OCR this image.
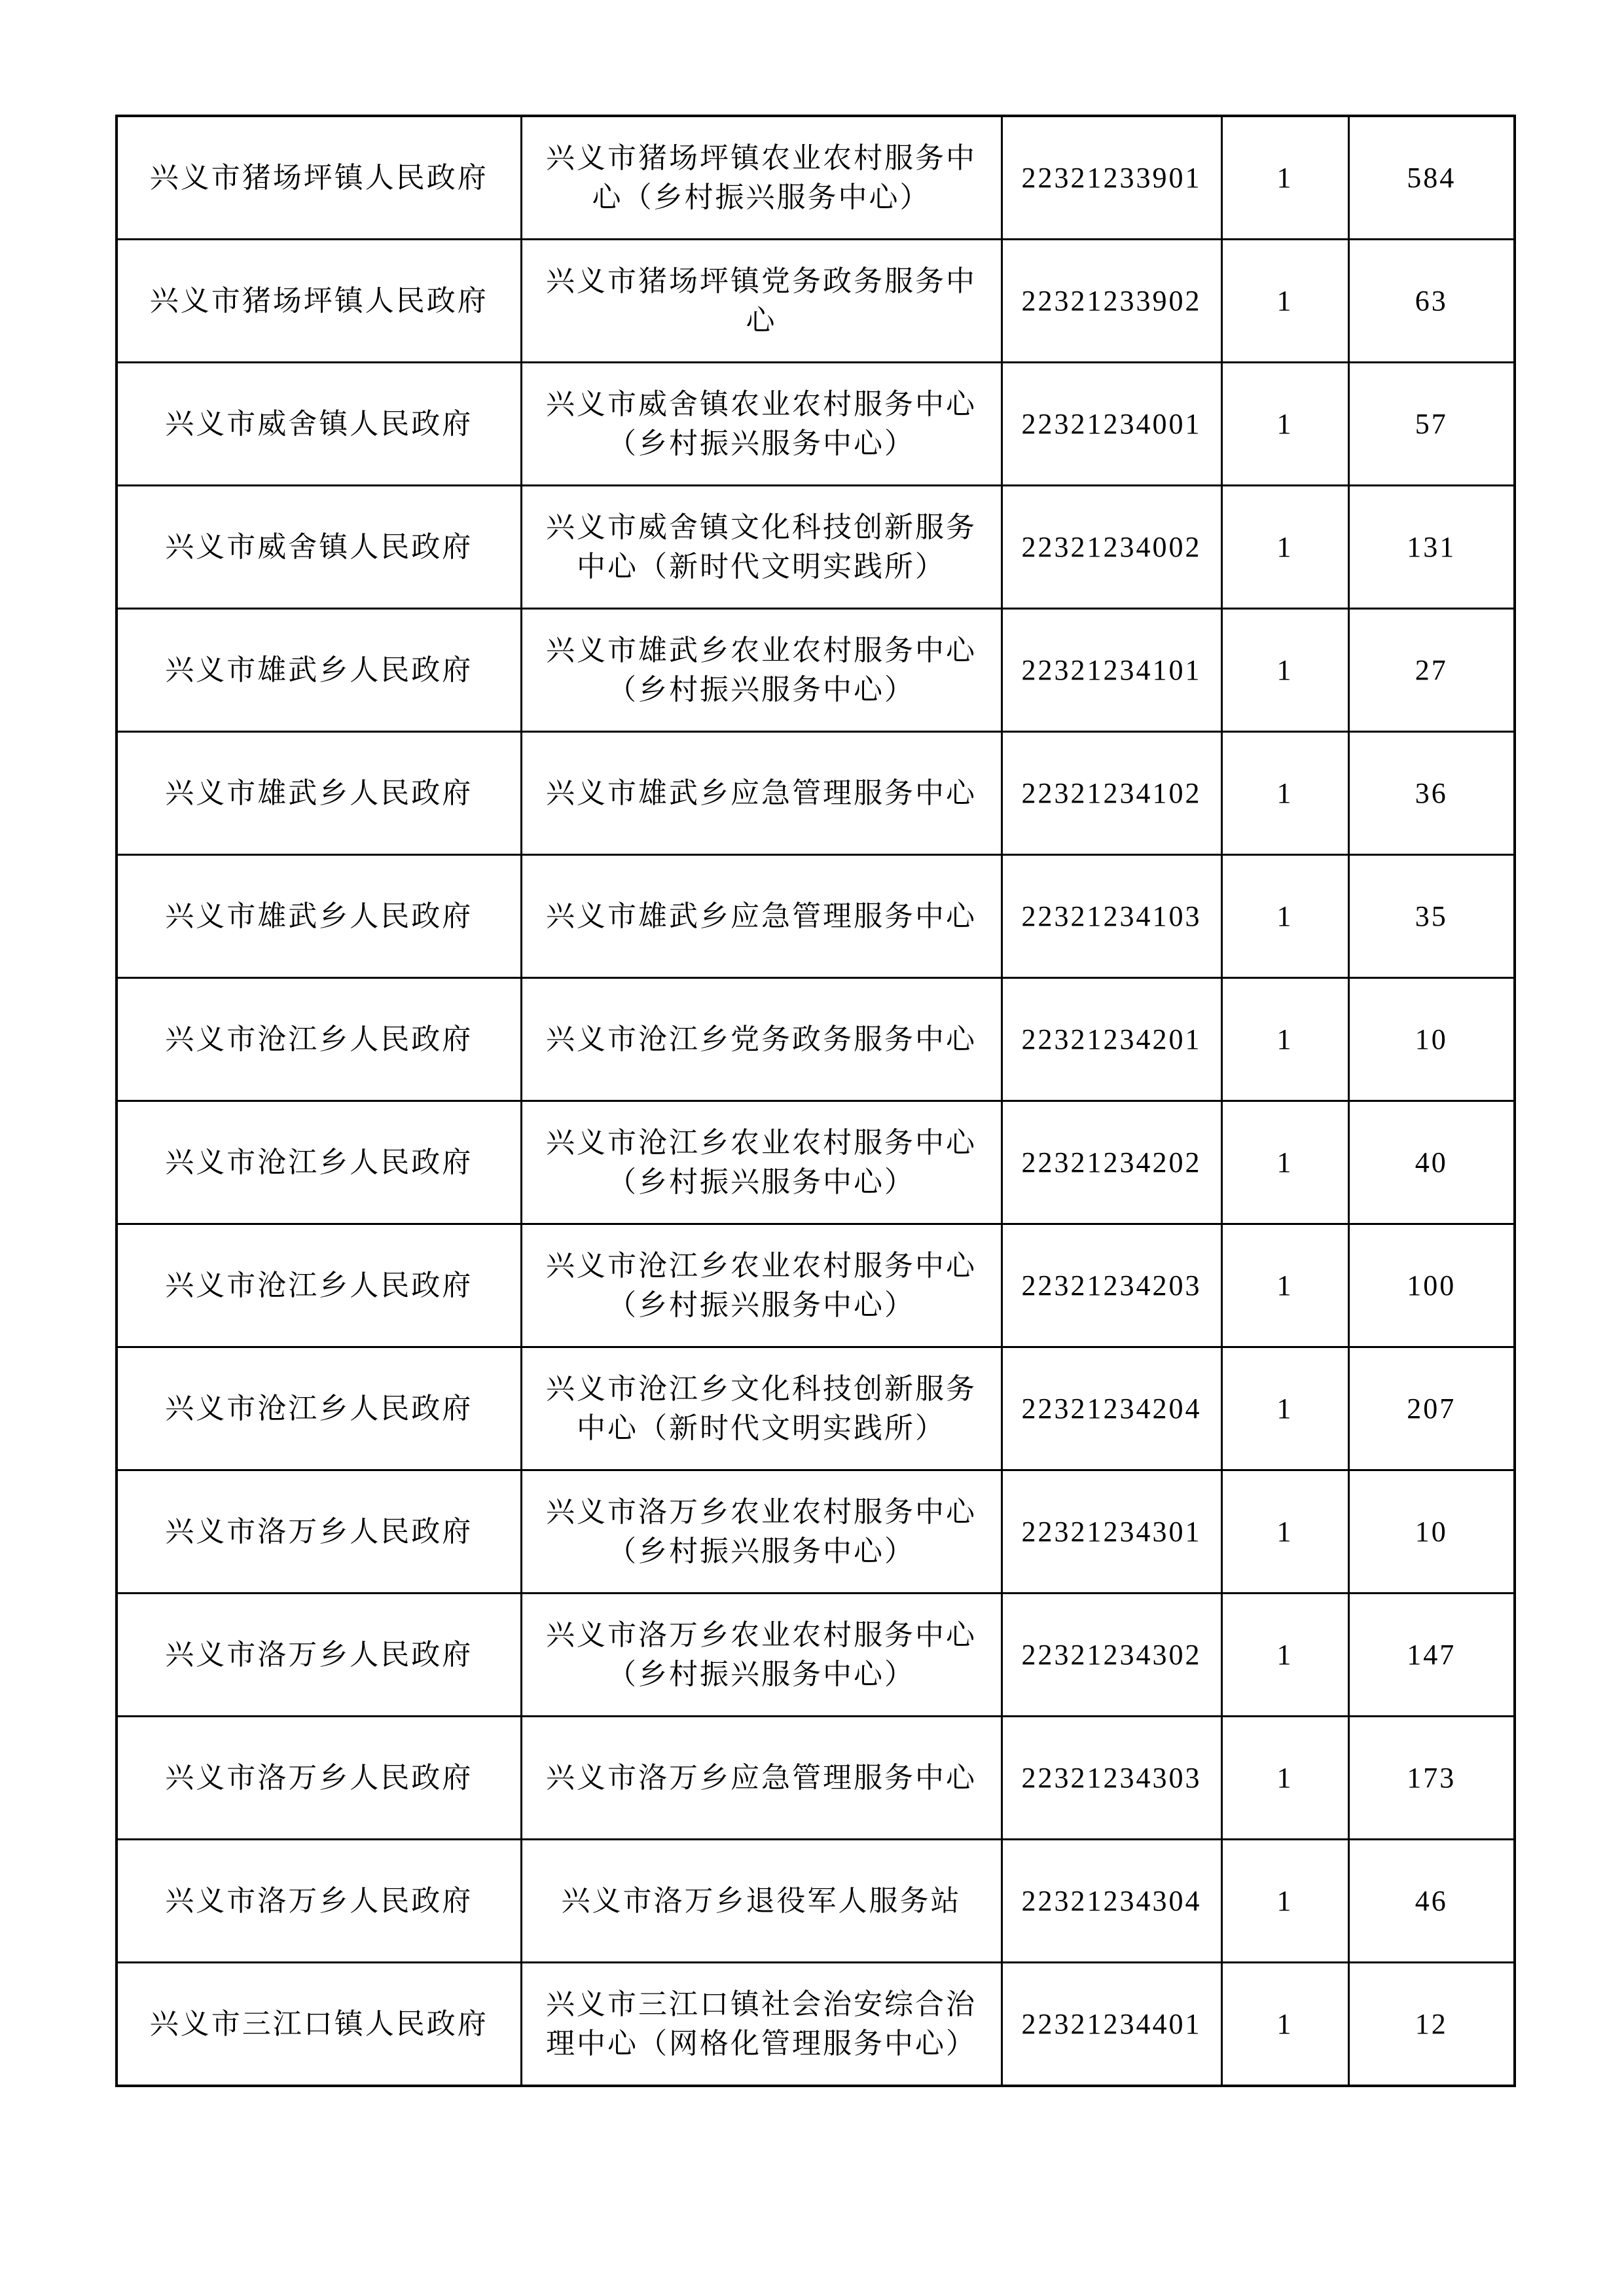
兴义市猪场坪镇人民政府	兴义市猪场坪镇农业农村服务中心（乡村振兴服务中心）	22321233901	1	584
兴义市猪场坪镇人民政府	兴义市猪场坪镇党务政务服务中心	22321233902	1	63
兴义市威舍镇人民政府	兴义市威舍镇农业农村服务中心（乡村振兴服务中心）	22321234001	1	57
兴义市威舍镇人民政府	兴义市威舍镇文化科技创新服务中心（新时代文明实践所）	22321234002	1	131
兴义市雄武乡人民政府	兴义市雄武乡农业农村服务中心（乡村振兴服务中心）	22321234101	1	27
兴义市雄武乡人民政府	兴义市雄武乡应急管理服务中心	22321234102	1	36
兴义市雄武乡人民政府	兴义市雄武乡应急管理服务中心	22321234103	1	35
兴义市沧江乡人民政府	兴义市沧江乡党务政务服务中心	22321234201	1	10
兴义市沧江乡人民政府	兴义市沧江乡农业农村服务中心（乡村振兴服务中心）	22321234202	1	40
兴义市沧江乡人民政府	兴义市沧江乡农业农村服务中心（乡村振兴服务中心）	22321234203	1	100
兴义市沧江乡人民政府	兴义市沧江乡文化科技创新服务中心（新时代文明实践所）	22321234204	1	207
兴义市洛万乡人民政府	兴义市洛万乡农业农村服务中心（乡村振兴服务中心）	22321234301	1	10
兴义市洛万乡人民政府	兴义市洛万乡农业农村服务中心（乡村振兴服务中心）	22321234302	1	147
兴义市洛万乡人民政府	兴义市洛万乡应急管理服务中心	22321234303	1	173
兴义市洛万乡人民政府	兴义市洛万乡退役军人服务站	22321234304	1	46
兴义市三江口镇人民政府	兴义市三江口镇社会治安综合治理中心（网格化管理服务中心）	22321234401	1	12
